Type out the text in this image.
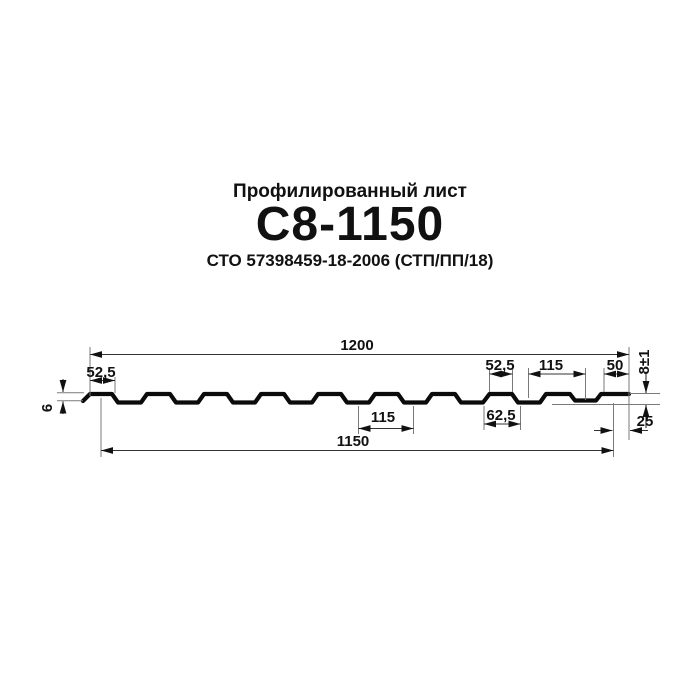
Профилированный лист
С8-1150
СТО 57398459-18-2006 (СТП/ПП/18)
1200
52,5
6
52,5 115	50 8±1
115	62,5	25
1150
